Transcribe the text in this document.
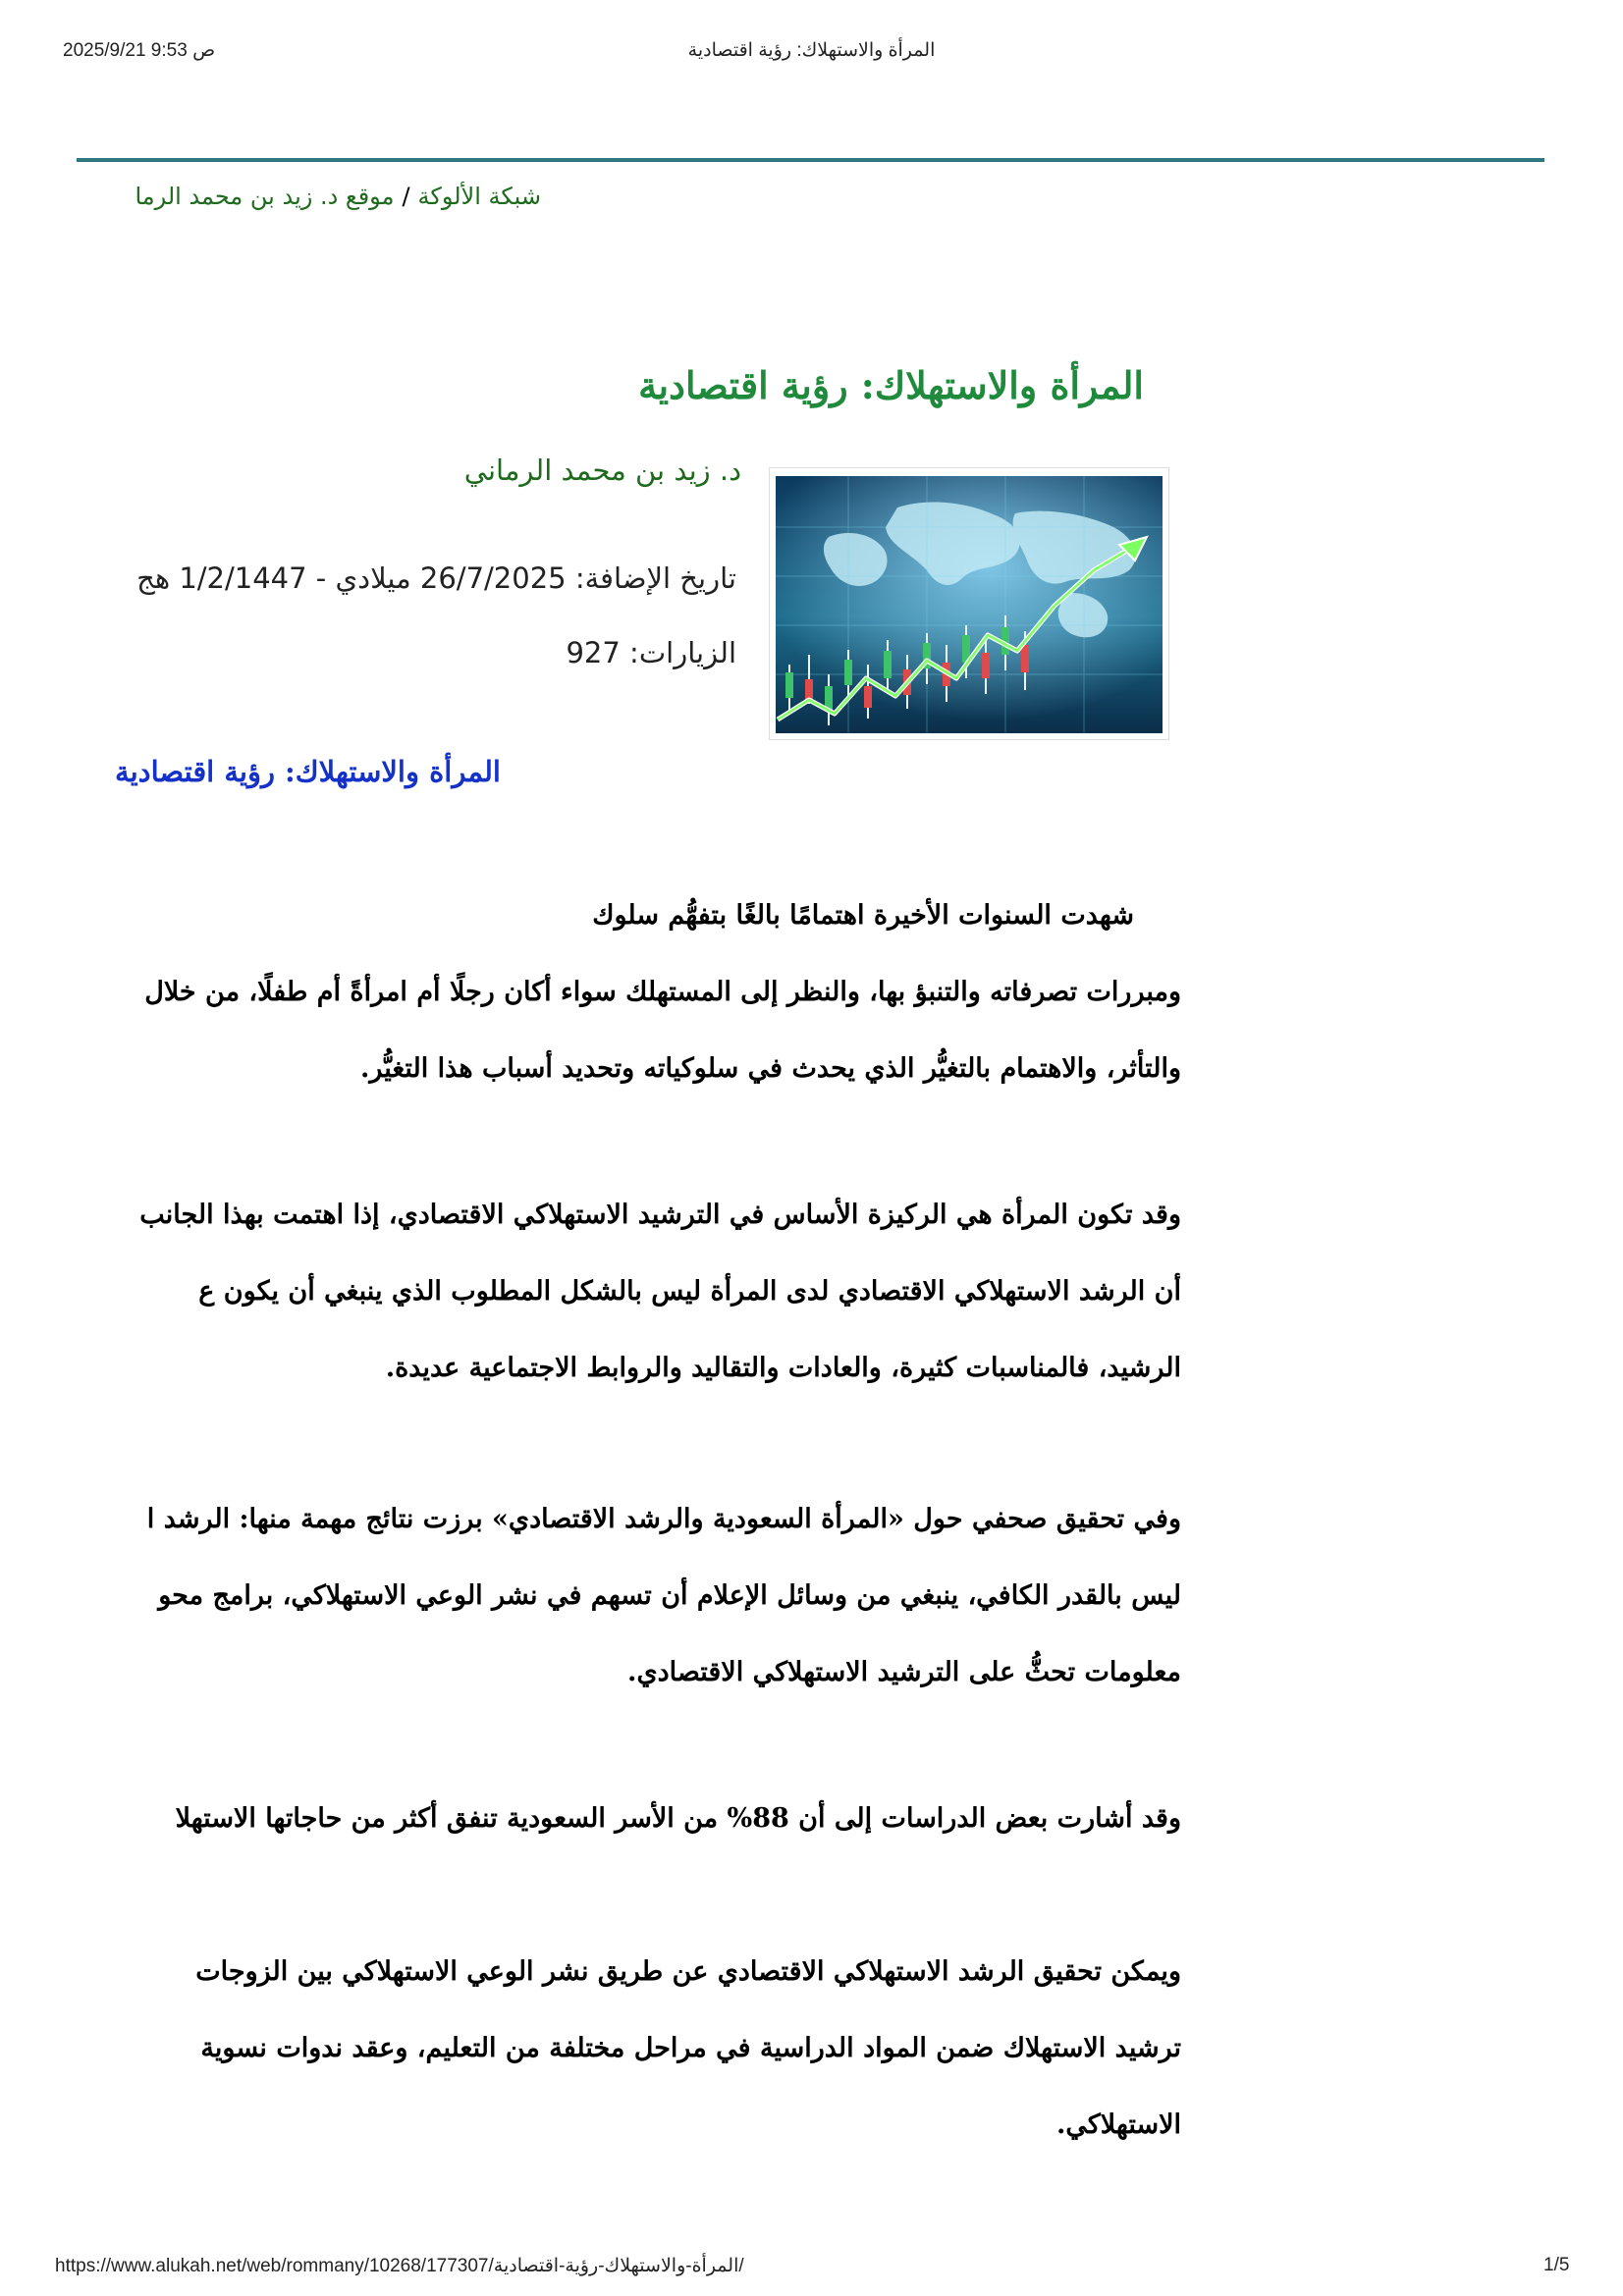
2025/9/21 9:53 ص	المرأة والاستهلاك: رؤية اقتصادية
شبكة الألوكة/موقع د. زيد بن محمد الرما
المرأة والاستهلاك: رؤية اقتصادية
د. زيد بن محمد الرماني
تاريخ الإضافة: 26/7/2025 ميلادي - 1/2/1447 هج
الزيارات: 927
المرأة والاستهلاك: رؤية اقتصادية

شهدت السنوات الأخيرة اهتمامًا بالغًا بتفهُّم سلوك

ومبررات تصرفاته والتنبؤ بها، والنظر إلى المستهلك سواء أكان رجلًا أم امرأةً أم طفلًا، من خلال

والتأثر، والاهتمام بالتغيُّر الذي يحدث في سلوكياته وتحديد أسباب هذا التغيُّر.

وقد تكون المرأة هي الركيزة الأساس في الترشيد الاستهلاكي الاقتصادي، إذا اهتمت بهذا الجانب

أن الرشد الاستهلاكي الاقتصادي لدى المرأة ليس بالشكل المطلوب الذي ينبغي أن يكون ع

الرشيد، فالمناسبات كثيرة، والعادات والتقاليد والروابط الاجتماعية عديدة.

وفي تحقيق صحفي حول «المرأة السعودية والرشد الاقتصادي» برزت نتائج مهمة منها: الرشد ا

ليس بالقدر الكافي، ينبغي من وسائل الإعلام أن تسهم في نشر الوعي الاستهلاكي، برامج محو

معلومات تحثُّ على الترشيد الاستهلاكي الاقتصادي.

وقد أشارت بعض الدراسات إلى أن 88% من الأسر السعودية تنفق أكثر من حاجاتها الاستهلا

ويمكن تحقيق الرشد الاستهلاكي الاقتصادي عن طريق نشر الوعي الاستهلاكي بين الزوجات

ترشيد الاستهلاك ضمن المواد الدراسية في مراحل مختلفة من التعليم، وعقد ندوات نسوية

الاستهلاكي.

https://www.alukah.net/web/rommany/10268/177307/المرأة-والاستهلاك-رؤية-اقتصادية/	1/5
